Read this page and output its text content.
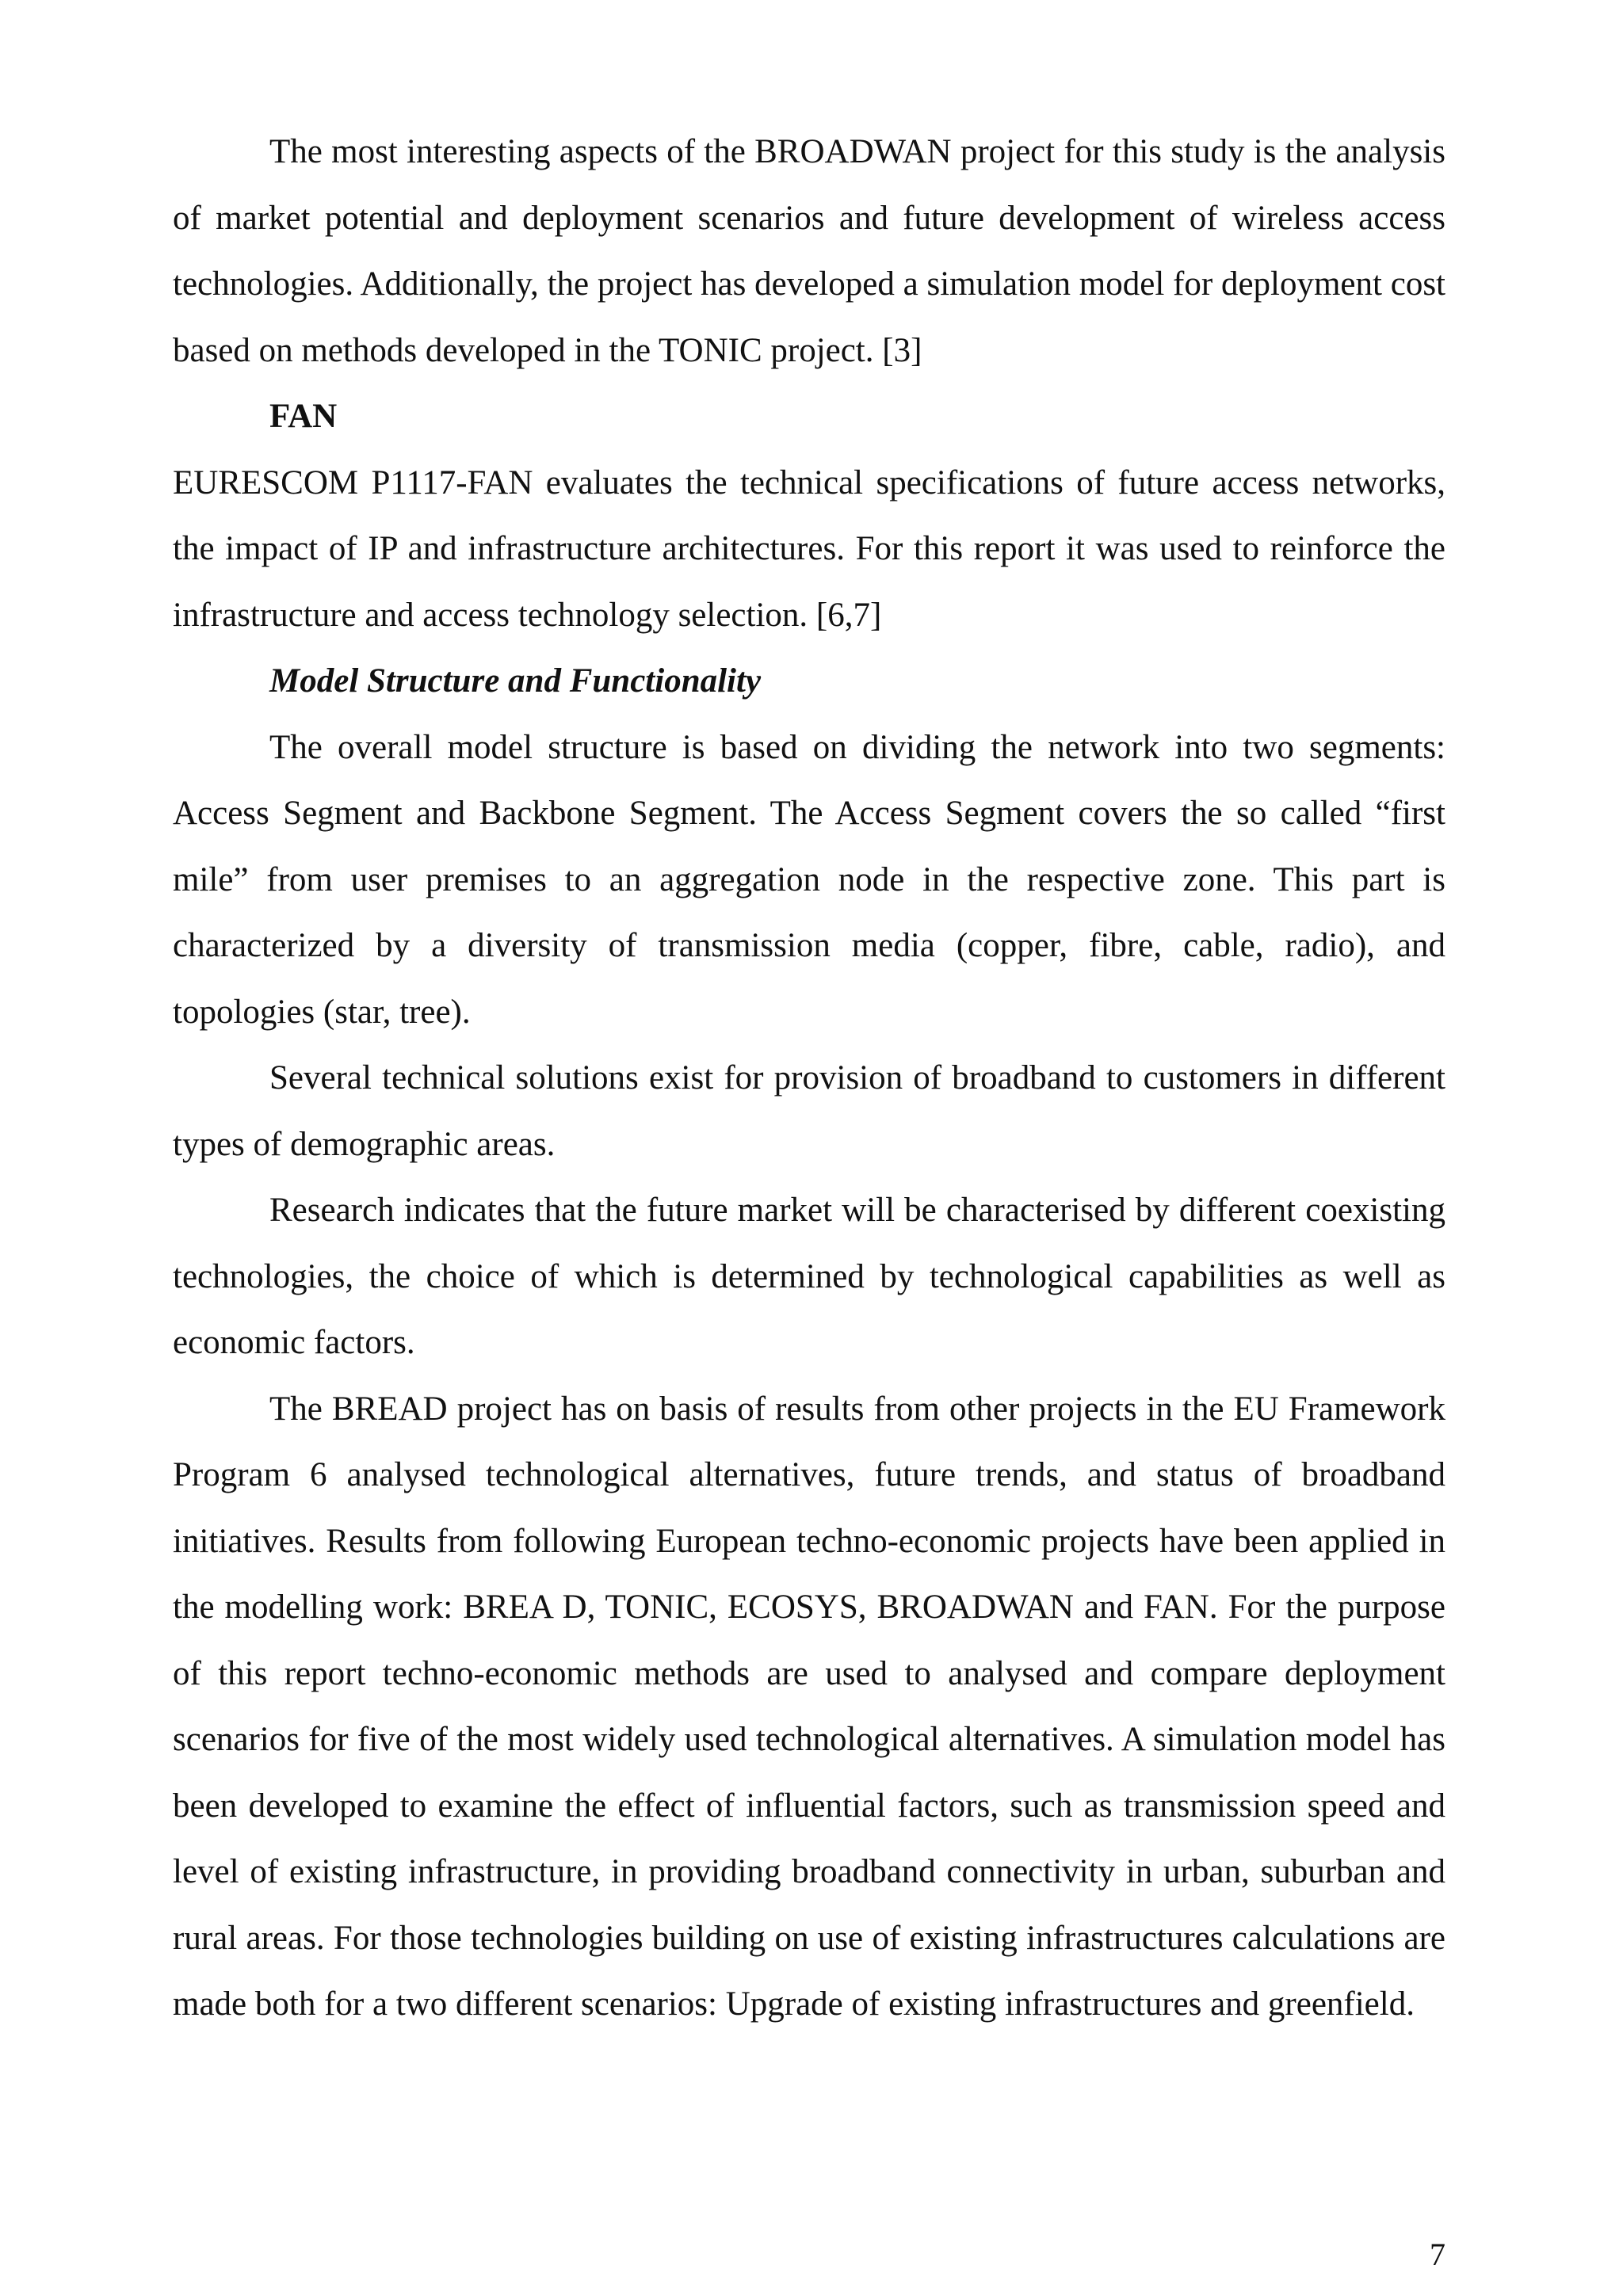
The most interesting aspects of the BROADWAN project for this study is the analysis of market potential and deployment scenarios and future development of wireless access technologies. Additionally, the project has developed a simulation model for deployment cost based on methods developed in the TONIC project. [3]

FAN

EURESCOM P1117-FAN evaluates the technical specifications of future access networks, the impact of IP and infrastructure architectures. For this report it was used to reinforce the infrastructure and access technology selection. [6,7]

Model Structure and Functionality

The overall model structure is based on dividing the network into two segments: Access Segment and Backbone Segment. The Access Segment covers the so called “first mile” from user premises to an aggregation node in the respective zone. This part is characterized by a diversity of transmission media (copper, fibre, cable, radio), and topologies (star, tree).

Several technical solutions exist for provision of broadband to customers in different types of demographic areas.

Research indicates that the future market will be characterised by different coexisting technologies, the choice of which is determined by technological capabilities as well as economic factors.

The BREAD project has on basis of results from other projects in the EU Framework Program 6 analysed technological alternatives, future trends, and status of broadband initiatives. Results from following European techno-economic projects have been applied in the modelling work: BREA D, TONIC, ECOSYS, BROADWAN and FAN. For the purpose of this report techno-economic methods are used to analysed and compare deployment scenarios for five of the most widely used technological alternatives. A simulation model has been developed to examine the effect of influential factors, such as transmission speed and level of existing infrastructure, in providing broadband connectivity in urban, suburban and rural areas. For those technologies building on use of existing infrastructures calculations are made both for a two different scenarios: Upgrade of existing infrastructures and greenfield.

7
